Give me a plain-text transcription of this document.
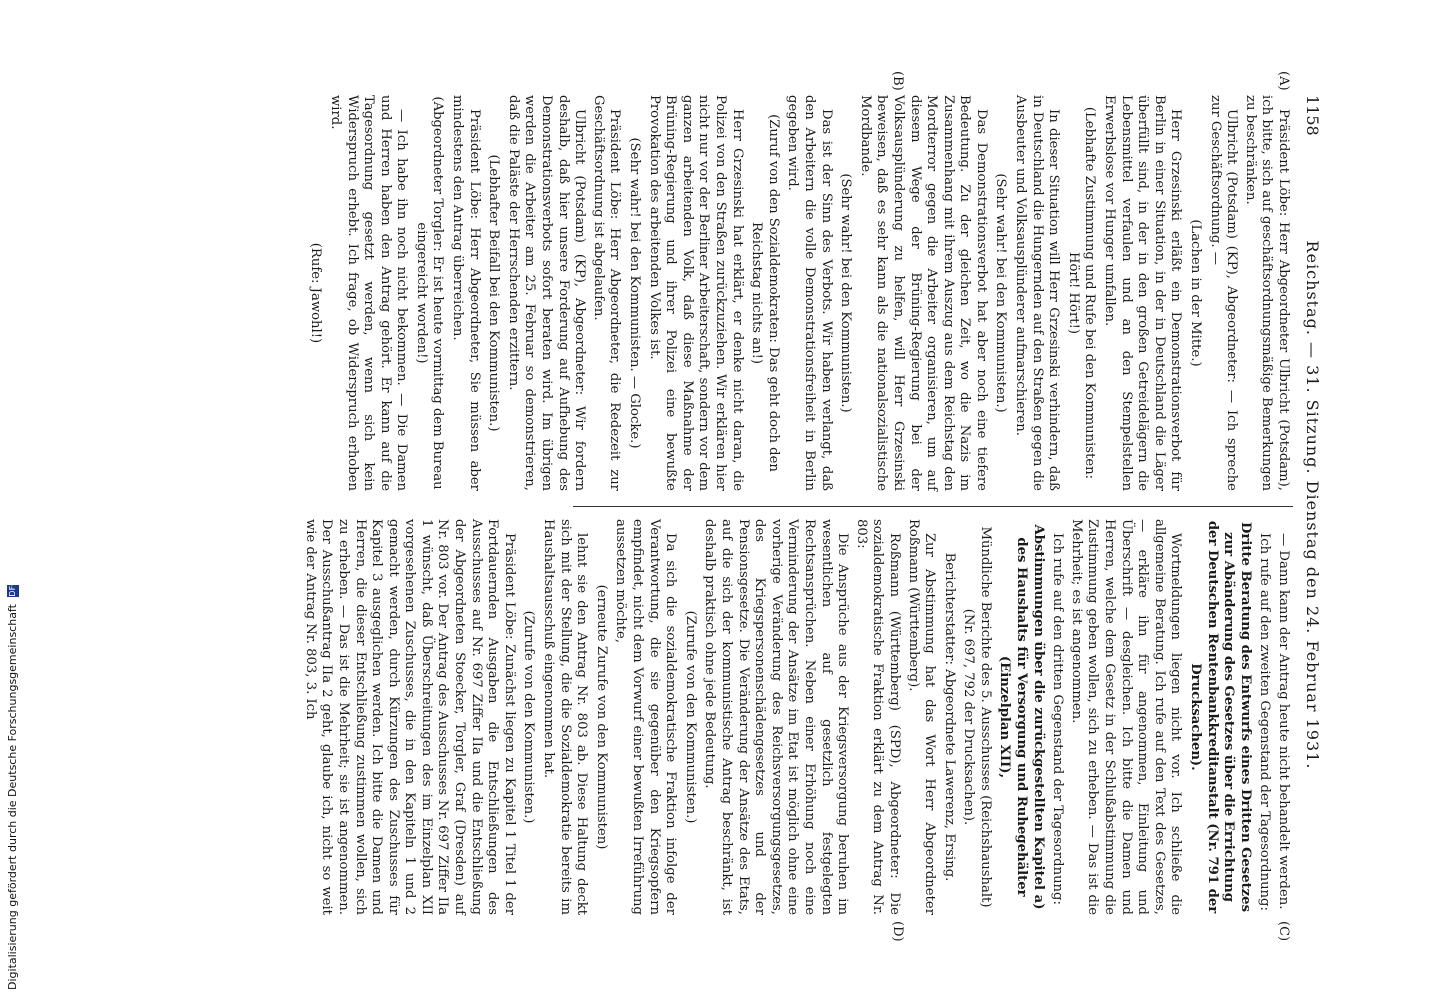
Reichstag. — 31. Sitzung. Dienstag den 24. Februar 1931.
1158
(A)
(B)
(C)
(D)

Präsident Löbe: Herr Abgeordneter Ulbricht (Potsdam), ich bitte, sich auf geschäftsordnungsmäßige Bemerkungen zu beschränken.

Ulbricht (Potsdam) (KP), Abgeordneter: — Ich spreche zur Geschäftsordnung. —

(Lachen in der Mitte.)

Herr Grzesinski erläßt ein Demonstrationsverbot für Berlin in einer Situation, in der in Deutschland die Läger überfüllt sind, in der in den großen Getreidelägern die Lebensmittel verfaulen und an den Stempelstellen Erwerbslose vor Hunger umfallen.

(Lebhafte Zustimmung und Rufe bei den Kommunisten: Hört! Hört!)

In dieser Situation will Herr Grzesinski verhindern, daß in Deutschland die Hungernden auf den Straßen gegen die Ausbeuter und Volksausplünderer aufmarschieren.

(Sehr wahr! bei den Kommunisten.)

Das Demonstrationsverbot hat aber noch eine tiefere Bedeutung. Zu der gleichen Zeit, wo die Nazis im Zusammenhang mit ihrem Auszug aus dem Reichstag den Mordterror gegen die Arbeiter organisieren, um auf diesem Wege der Brüning-Regierung bei der Volksausplünderung zu helfen, will Herr Grzesinski beweisen, daß es sehr kann als die nationalsozialistische Mordbande.

(Sehr wahr! bei den Kommunisten.)

Das ist der Sinn des Verbots. Wir haben verlangt, daß den Arbeitern die volle Demonstrationsfreiheit in Berlin gegeben wird.

(Zuruf von den Sozialdemokraten: Das geht doch den Reichstag nichts an!)

Herr Grzesinski hat erklärt, er denke nicht daran, die Polizei von den Straßen zurückzuziehen. Wir erklären hier nicht nur vor der Berliner Arbeiterschaft, sondern vor dem ganzen arbeitenden Volk, daß diese Maßnahme der Brüning-Regierung und ihrer Polizei eine bewußte Provokation des arbeitenden Volkes ist.

(Sehr wahr! bei den Kommunisten. — Glocke.)

Präsident Löbe: Herr Abgeordneter, die Redezeit zur Geschäftsordnung ist abgelaufen.

Ulbricht (Potsdam) (KP), Abgeordneter: Wir fordern deshalb, daß hier unsere Forderung auf Aufhebung des Demonstrationsverbots sofort beraten wird. Im übrigen werden die Arbeiter am 25. Februar so demonstrieren, daß die Paläste der Herrschenden erzittern.

(Lebhafter Beifall bei den Kommunisten.)

Präsident Löbe: Herr Abgeordneter, Sie müssen aber mindestens den Antrag überreichen.

(Abgeordneter Torgler: Er ist heute vormittag dem Bureau eingereicht worden!)

— Ich habe ihn noch nicht bekommen. — Die Damen und Herren haben den Antrag gehört. Er kann auf die Tagesordnung gesetzt werden, wenn sich kein Widerspruch erhebt. Ich frage, ob Widerspruch erhoben wird.

(Rufe: Jawohl!)

— Dann kann der Antrag heute nicht behandelt werden.

Ich rufe auf den zweiten Gegenstand der Tagesordnung:

Dritte Beratung des Entwurfs eines Dritten Gesetzes zur Abänderung des Gesetzes über die Errichtung der Deutschen Rentenbankkreditanstalt (Nr. 791 der Drucksachen).

Wortmeldungen liegen nicht vor. Ich schließe die allgemeine Beratung. Ich rufe auf den Text des Gesetzes, — erkläre ihn für angenommen, Einleitung und Überschrift — desgleichen. Ich bitte die Damen und Herren, welche dem Gesetz in der Schlußabstimmung die Zustimmung geben wollen, sich zu erheben. — Das ist die Mehrheit; es ist angenommen.

Ich rufe auf den dritten Gegenstand der Tagesordnung:

Abstimmungen über die zurückgestellten Kapitel a) des Haushalts für Versorgung und Ruhegehälter (Einzelplan XII),

Mündliche Berichte des 5. Ausschusses (Reichshaushalt) (Nr. 697, 792 der Drucksachen).

Berichterstatter: Abgeordnete Lawerenz, Ersing.

Zur Abstimmung hat das Wort Herr Abgeordneter Roßmann (Württemberg).

Roßmann (Württemberg) (SPD), Abgeordneter: Die sozialdemokratische Fraktion erklärt zu dem Antrag Nr. 803:

Die Ansprüche aus der Kriegsversorgung beruhen im wesentlichen auf gesetzlich festgelegten Rechtsansprüchen. Neben einer Erhöhung noch eine Verminderung der Ansätze im Etat ist möglich ohne eine vorherige Veränderung des Reichsversorgungsgesetzes, des Kriegspersonenschädengesetzes und der Pensionsgesetze. Die Veränderung der Ansätze des Etats, auf die sich der kommunistische Antrag beschränkt, ist deshalb praktisch ohne jede Bedeutung.

(Zurufe von den Kommunisten.)

Da sich die sozialdemokratische Fraktion infolge der Verantwortung, die sie gegenüber den Kriegsopfern empfindet, nicht dem Vorwurf einer bewußten Irreführung aussetzen möchte,

(erneute Zurufe von den Kommunisten)

lehnt sie den Antrag Nr. 803 ab. Diese Haltung deckt sich mit der Stellung, die die Sozialdemokratie bereits im Haushaltsausschuß eingenommen hat.

(Zurufe von den Kommunisten.)

Präsident Löbe: Zunächst liegen zu Kapitel 1 Titel 1 der Fortdauernden Ausgaben die Entschließungen des Ausschusses auf Nr. 697 Ziffer IIa und die Entschließung der Abgeordneten Stoecker, Torgler, Graf (Dresden) auf Nr. 803 vor. Der Antrag des Ausschusses Nr. 697 Ziffer IIa 1 wünscht, daß Überschreitungen des im Einzelplan XII vorgesehenen Zuschusses, die in den Kapiteln 1 und 2 gemacht werden, durch Kürzungen des Zuschusses für Kapitel 3 ausgeglichen werden. Ich bitte die Damen und Herren, die dieser Entschließung zustimmen wollen, sich zu erheben. — Das ist die Mehrheit; sie ist angenommen. Der Ausschußantrag IIa 2 geht, glaube ich, nicht so weit wie der Antrag Nr. 803, 3. Ich

Digitalisierung gefördert durch die Deutsche Forschungsgemeinschaft DFG
